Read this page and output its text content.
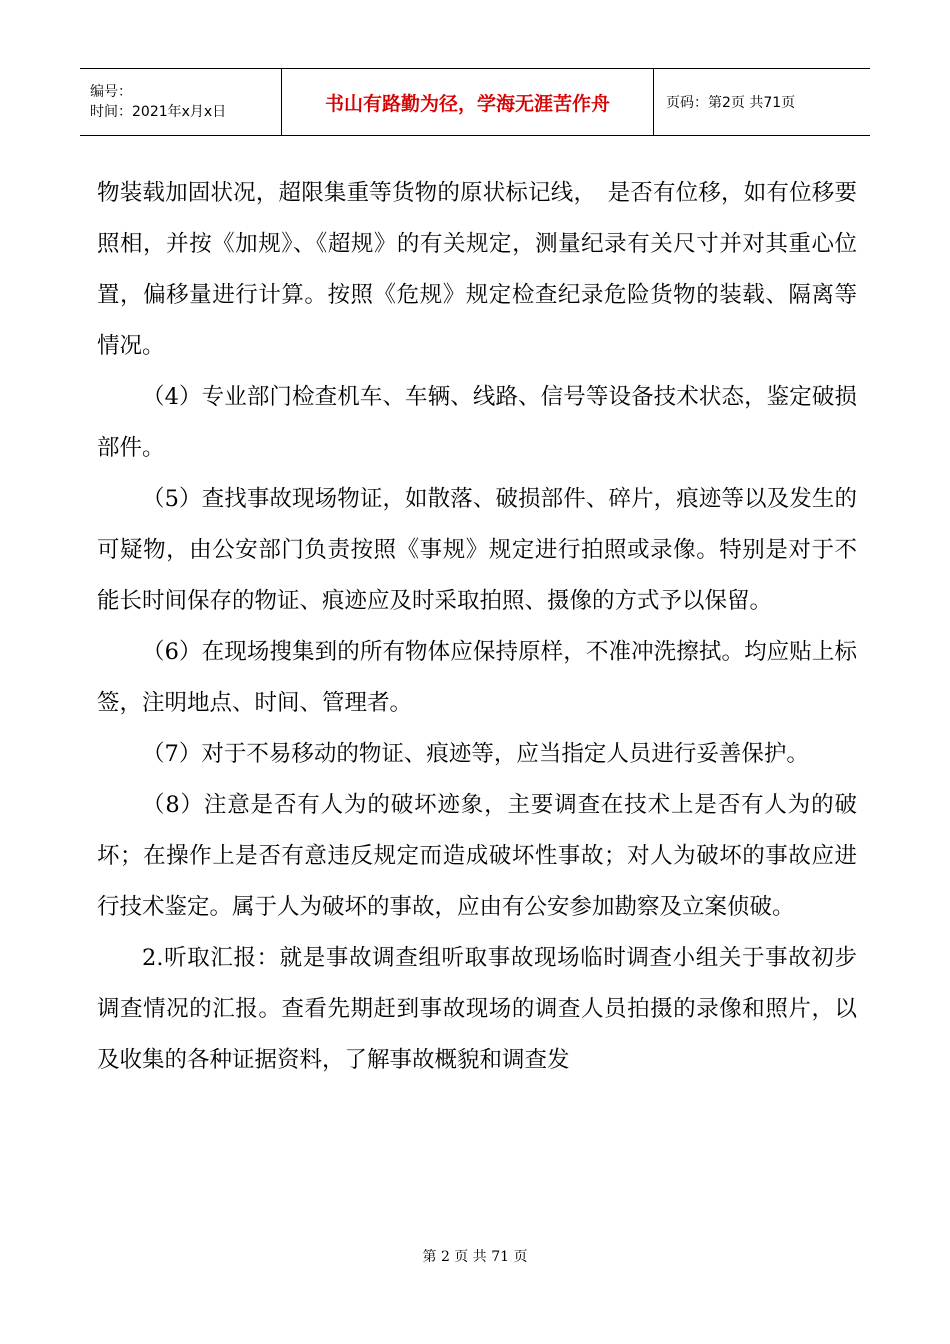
编号：
时间：2021年x月x日	书山有路勤为径，学海无涯苦作舟	页码：第2页 共71页

物装载加固状况，超限集重等货物的原状标记线，　是否有位移，如有位移要照相，并按《加规》、《超规》的有关规定，测量纪录有关尺寸并对其重心位置，偏移量进行计算。按照《危规》规定检查纪录危险货物的装载、隔离等情况。

（4）专业部门检查机车、车辆、线路、信号等设备技术状态，鉴定破损部件。

（5）查找事故现场物证，如散落、破损部件、碎片，痕迹等以及发生的可疑物，由公安部门负责按照《事规》规定进行拍照或录像。特别是对于不能长时间保存的物证、痕迹应及时采取拍照、摄像的方式予以保留。

（6）在现场搜集到的所有物体应保持原样，不准冲洗擦拭。均应贴上标签，注明地点、时间、管理者。

（7）对于不易移动的物证、痕迹等，应当指定人员进行妥善保护。

（8）注意是否有人为的破坏迹象，主要调查在技术上是否有人为的破坏；在操作上是否有意违反规定而造成破坏性事故；对人为破坏的事故应进行技术鉴定。属于人为破坏的事故，应由有公安参加勘察及立案侦破。

2.听取汇报：就是事故调查组听取事故现场临时调查小组关于事故初步调查情况的汇报。查看先期赶到事故现场的调查人员拍摄的录像和照片，以及收集的各种证据资料，了解事故概貌和调查发

第 2 页 共 71 页
